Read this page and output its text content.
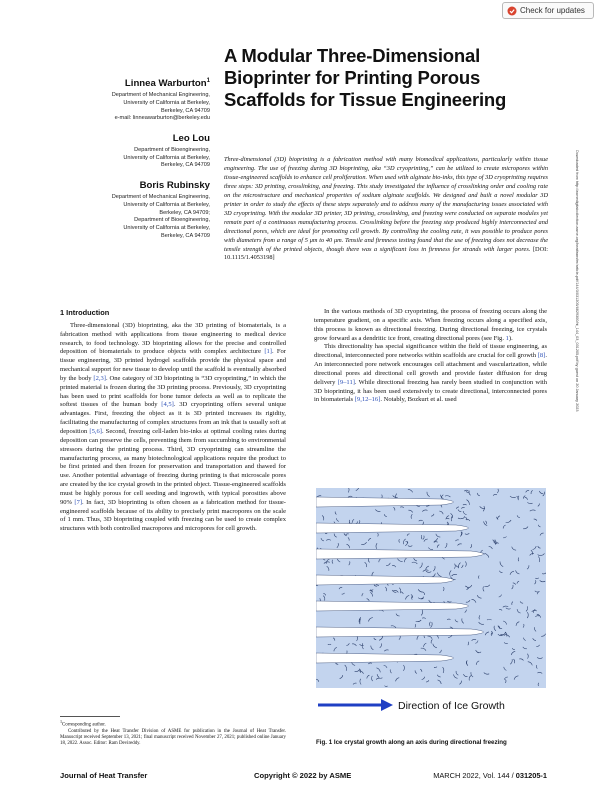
Check for updates
A Modular Three-Dimensional Bioprinter for Printing Porous Scaffolds for Tissue Engineering
Linnea Warburton$^1$
Department of Mechanical Engineering,
University of California at Berkeley,
Berkeley, CA 94709
e-mail: linneawarburton@berkeley.edu
Leo Lou
Department of Bioengineering,
University of California at Berkeley,
Berkeley, CA 94709
Boris Rubinsky
Department of Mechanical Engineering,
University of California at Berkeley,
Berkeley, CA 94709;
Department of Bioengineering,
University of California at Berkeley,
Berkeley, CA 94709
Three-dimensional (3D) bioprinting is a fabrication method with many biomedical applications, particularly within tissue engineering. The use of freezing during 3D bioprinting, aka “3D cryoprinting,” can be utilized to create micropores within tissue-engineered scaffolds to enhance cell proliferation. When used with alginate bio-inks, this type of 3D cryoprinting requires three steps: 3D printing, crosslinking, and freezing. This study investigated the influence of crosslinking order and cooling rate on the microstructure and mechanical properties of sodium alginate scaffolds. We designed and built a novel modular 3D printer in order to study the effects of these steps separately and to address many of the manufacturing issues associated with 3D cryoprinting. With the modular 3D printer, 3D printing, crosslinking, and freezing were conducted on separate modules yet remain part of a continuous manufacturing process. Crosslinking before the freezing step produced highly interconnected and directional pores, which are ideal for promoting cell growth. By controlling the cooling rate, it was possible to produce pores with diameters from a range of 5 μm to 40 μm. Tensile and firmness testing found that the use of freezing does not decrease the tensile strength of the printed objects, though there was a significant loss in firmness for strands with larger pores. [DOI: 10.1115/1.4053198]	Downloaded from http://asmedigitalcollection.asme.org/heattransfer/article-pdf/144/3/031205/6829300/ht_144_03_031205.pdf by guest on 20 January 2023
1 Introduction
Three-dimensional (3D) bioprinting, aka the 3D printing of biomaterials, is a fabrication method with applications from tissue engineering to medical device research, to food technology. 3D bioprinting allows for the precise and controlled deposition of biomaterials to produce objects with complex architecture [1]. For tissue engineering, 3D printed hydrogel scaffolds provide the physical space and mechanical support for new tissue to develop until the scaffold is eventually absorbed by the body [2,3]. One category of 3D bioprinting is “3D cryoprinting,” in which the printed material is frozen during the 3D printing process. Previously, 3D cryoprinting has been used to print scaffolds for bone tumor defects as well as to replicate the softest tissues of the human body [4,5]. 3D cryoprinting offers several unique advantages. First, freezing the object as it is 3D printed increases its rigidity, facilitating the manufacturing of complex structures from an ink that is usually soft at deposition [5,6]. Second, freezing cell-laden bio-inks at optimal cooling rates during deposition can preserve the cells, preventing them from succumbing to environmental stressors during the printing process. Third, 3D cryoprinting can streamline the manufacturing process, as many biotechnological applications require the product to be first printed and then frozen for preservation and transportation and thawed for use. Another potential advantage of freezing during printing is that microscale pores are created by the ice crystal growth in the printed object. Tissue-engineered scaffolds must be highly porous for cell seeding and ingrowth, with typical porosities above 90% [7]. In fact, 3D bioprinting is often chosen as a fabrication method for tissue-engineered scaffolds because of its ability to precisely print macropores on the scale of 1 mm. Thus, 3D bioprinting coupled with freezing can be used to create complex structures with both controlled macropores and micropores for cell growth.
In the various methods of 3D cryoprinting, the process of freezing occurs along the temperature gradient, on a specific axis. When freezing occurs along a specified axis, this process is known as directional freezing. During directional freezing, ice crystals grow forward as a dendritic ice front, creating directional pores (see Fig. 1).
This directionality has special significance within the field of tissue engineering, as directional, interconnected pore networks within scaffolds are crucial for cell growth [8]. An interconnected pore network encourages cell attachment and vascularization, while directional pores aid directional cell growth and provide faster diffusion for drug delivery [9–11]. While directional freezing has rarely been studied in conjunction with 3D bioprinting, it has been used extensively to create directional, interconnected pores in biomaterials [9,12–16]. Notably, Bozkurt et al. used
$^1$Corresponding author.
Contributed by the Heat Transfer Division of ASME for publication in the Journal of Heat Transfer. Manuscript received September 13, 2021; final manuscript received November 27, 2021; published online January 18, 2022. Assoc. Editor: Ram Devireddy.
Direction of Ice Growth
Fig. 1 Ice crystal growth along an axis during directional freezing
Journal of Heat Transfer	Copyright © 2022 by ASME	MARCH 2022, Vol. 144 / 031205-1
